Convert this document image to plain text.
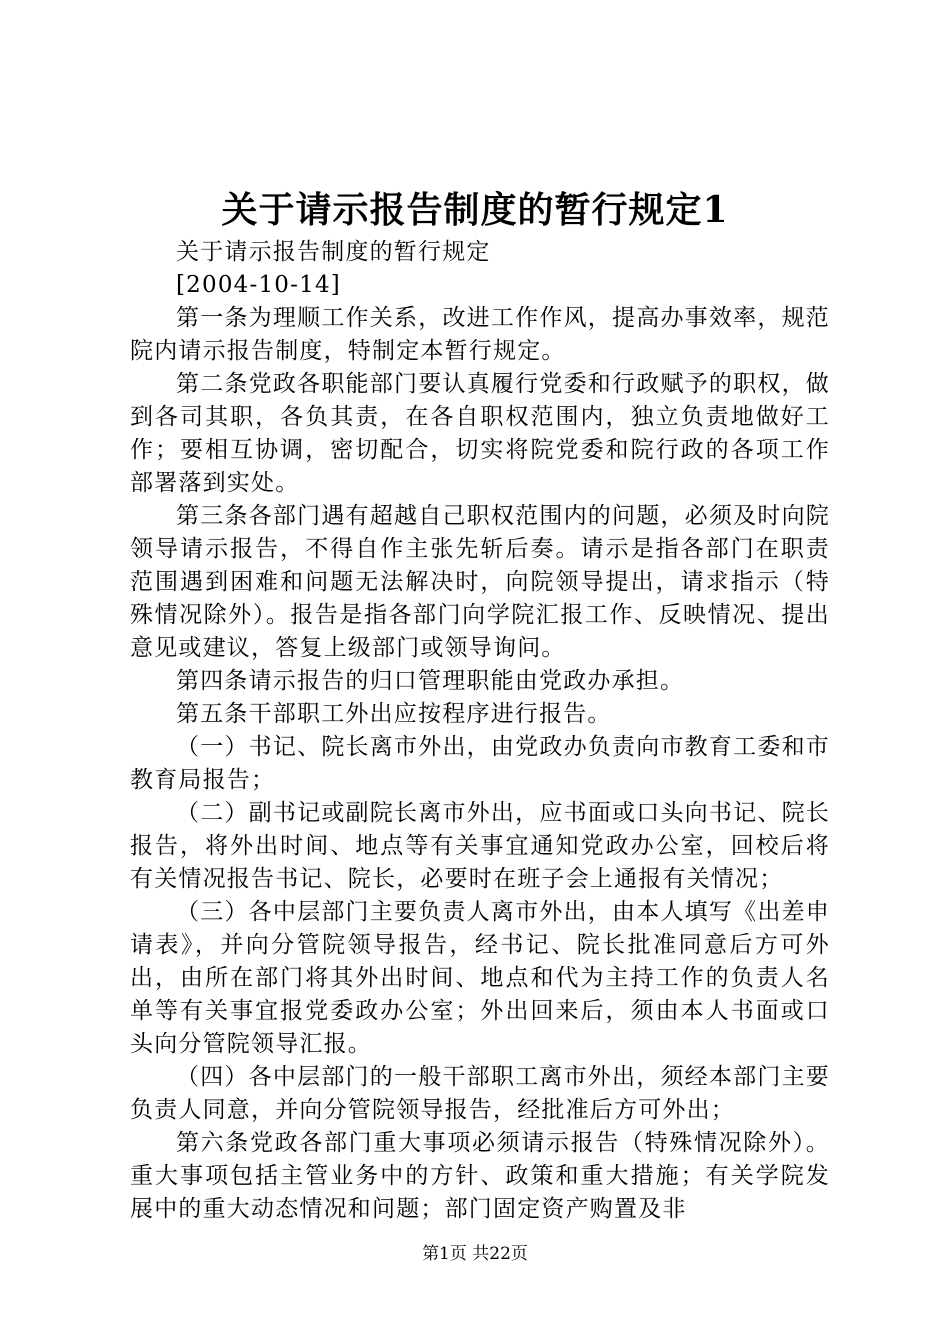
关于请示报告制度的暂行规定1

关于请示报告制度的暂行规定

[2004-10-14]

第一条为理顺工作关系，改进工作作风，提高办事效率，规范院内请示报告制度，特制定本暂行规定。

第二条党政各职能部门要认真履行党委和行政赋予的职权，做到各司其职，各负其责，在各自职权范围内，独立负责地做好工作；要相互协调，密切配合，切实将院党委和院行政的各项工作部署落到实处。

第三条各部门遇有超越自己职权范围内的问题，必须及时向院领导请示报告，不得自作主张先斩后奏。请示是指各部门在职责范围遇到困难和问题无法解决时，向院领导提出，请求指示（特殊情况除外）。报告是指各部门向学院汇报工作、反映情况、提出意见或建议，答复上级部门或领导询问。

第四条请示报告的归口管理职能由党政办承担。

第五条干部职工外出应按程序进行报告。

（一）书记、院长离市外出，由党政办负责向市教育工委和市教育局报告；

（二）副书记或副院长离市外出，应书面或口头向书记、院长报告，将外出时间、地点等有关事宜通知党政办公室，回校后将有关情况报告书记、院长，必要时在班子会上通报有关情况；

（三）各中层部门主要负责人离市外出，由本人填写《出差申请表》，并向分管院领导报告，经书记、院长批准同意后方可外出，由所在部门将其外出时间、地点和代为主持工作的负责人名单等有关事宜报党委政办公室；外出回来后，须由本人书面或口头向分管院领导汇报。

（四）各中层部门的一般干部职工离市外出，须经本部门主要负责人同意，并向分管院领导报告，经批准后方可外出；

第六条党政各部门重大事项必须请示报告（特殊情况除外）。重大事项包括主管业务中的方针、政策和重大措施；有关学院发展中的重大动态情况和问题；部门固定资产购置及非

第1页 共22页
